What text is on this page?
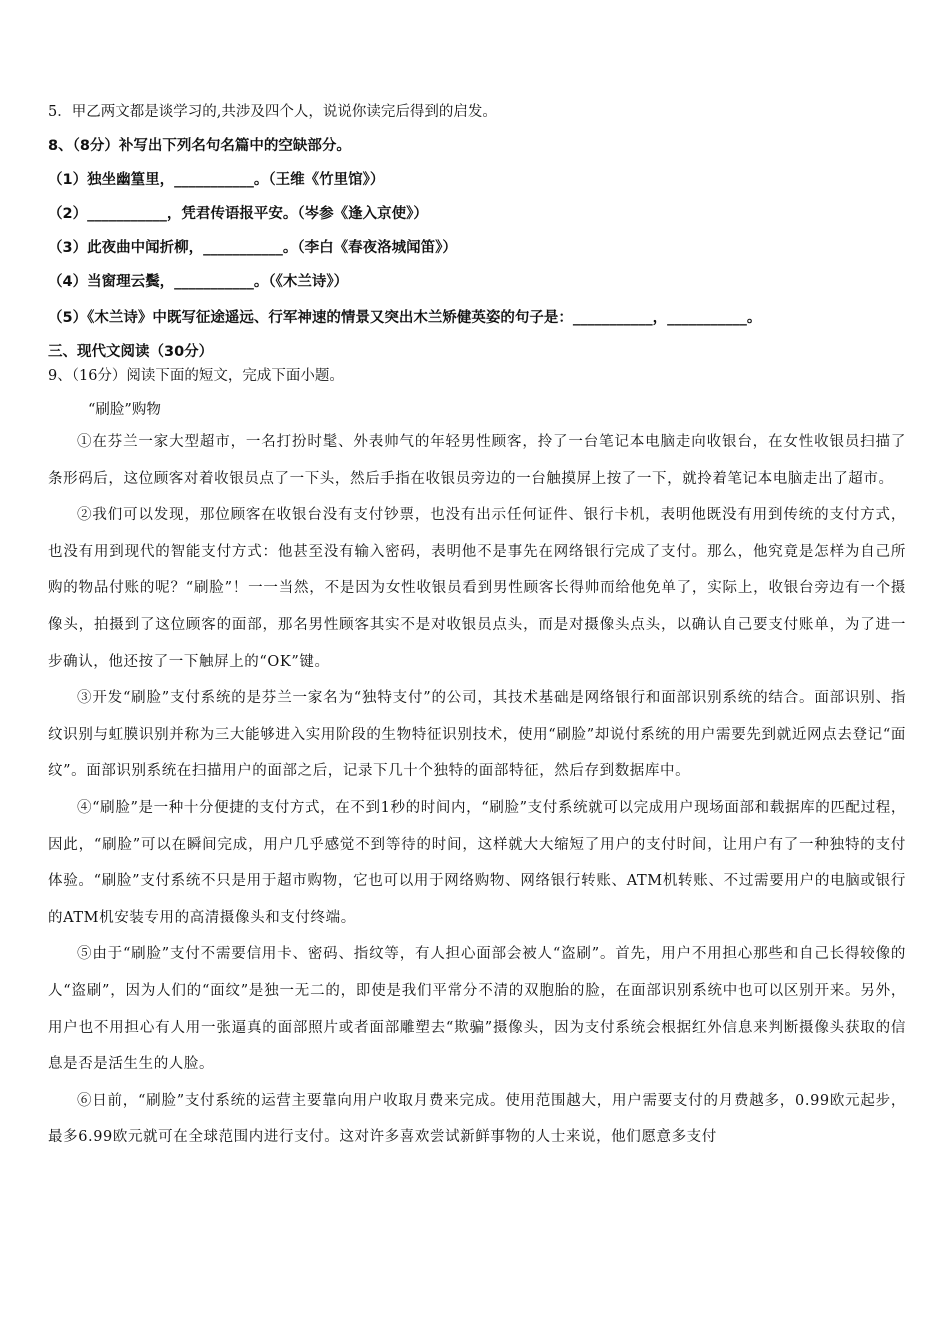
5．甲乙两文都是谈学习的,共涉及四个人，说说你读完后得到的启发。
8、（8分）补写出下列名句名篇中的空缺部分。
（1）独坐幽篁里，___________。（王维《竹里馆》）
（2）___________，凭君传语报平安。（岑参《逢入京使》）
（3）此夜曲中闻折柳，___________。（李白《春夜洛城闻笛》）
（4）当窗理云鬓，___________。（《木兰诗》）
（5）《木兰诗》中既写征途遥远、行军神速的情景又突出木兰矫健英姿的句子是：___________，___________。
三、现代文阅读（30分）
9、（16分）阅读下面的短文，完成下面小题。
“刷脸”购物

①在芬兰一家大型超市，一名打扮时髦、外表帅气的年轻男性顾客，拎了一台笔记本电脑走向收银台，在女性收银员扫描了条形码后，这位顾客对着收银员点了一下头，然后手指在收银员旁边的一台触摸屏上按了一下，就拎着笔记本电脑走出了超市。

②我们可以发现，那位顾客在收银台没有支付钞票，也没有出示任何证件、银行卡机，表明他既没有用到传统的支付方式，也没有用到现代的智能支付方式：他甚至没有输入密码，表明他不是事先在网络银行完成了支付。那么，他究竟是怎样为自己所购的物品付账的呢？“刷脸”！一一当然，不是因为女性收银员看到男性顾客长得帅而给他免单了，实际上，收银台旁边有一个摄像头，拍摄到了这位顾客的面部，那名男性顾客其实不是对收银员点头，而是对摄像头点头，以确认自己要支付账单，为了进一步确认，他还按了一下触屏上的“OK”键。

③开发“刷脸”支付系统的是芬兰一家名为“独特支付”的公司，其技术基础是网络银行和面部识别系统的结合。面部识别、指纹识别与虹膜识别并称为三大能够进入实用阶段的生物特征识别技术，使用“刷脸”却说付系统的用户需要先到就近网点去登记“面纹”。面部识别系统在扫描用户的面部之后，记录下几十个独特的面部特征，然后存到数据库中。

④“刷脸”是一种十分便捷的支付方式，在不到1秒的时间内，“刷脸”支付系统就可以完成用户现场面部和载据库的匹配过程，因此，“刷脸”可以在瞬间完成，用户几乎感觉不到等待的时间，这样就大大缩短了用户的支付时间，让用户有了一种独特的支付体验。“刷脸”支付系统不只是用于超市购物，它也可以用于网络购物、网络银行转账、ATM机转账、不过需要用户的电脑或银行的ATM机安装专用的高清摄像头和支付终端。

⑤由于“刷脸”支付不需要信用卡、密码、指纹等，有人担心面部会被人“盗刷”。首先，用户不用担心那些和自己长得较像的人“盗刷”，因为人们的“面纹”是独一无二的，即使是我们平常分不清的双胞胎的脸，在面部识别系统中也可以区别开来。另外，用户也不用担心有人用一张逼真的面部照片或者面部雕塑去“欺骗”摄像头，因为支付系统会根据红外信息来判断摄像头获取的信息是否是活生生的人脸。

⑥日前，“刷脸”支付系统的运营主要靠向用户收取月费来完成。使用范围越大，用户需要支付的月费越多，0.99欧元起步，最多6.99欧元就可在全球范围内进行支付。这对许多喜欢尝试新鲜事物的人士来说，他们愿意多支付
